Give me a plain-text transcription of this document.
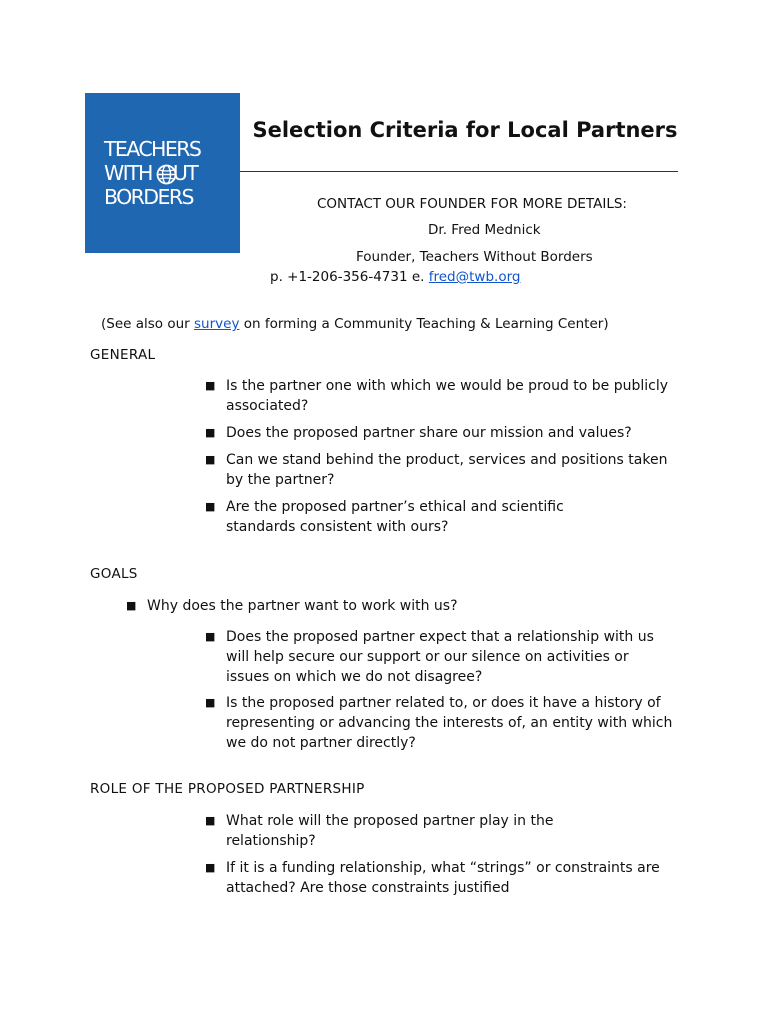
TEACHERS
WITH UT
BORDERS
Selection Criteria for Local Partners
CONTACT OUR FOUNDER FOR MORE DETAILS:
Dr. Fred Mednick
Founder, Teachers Without Borders
p. +1-206-356-4731 e. fred@twb.org
(See also our survey on forming a Community Teaching & Learning Center)
GENERAL
■ Is the partner one with which we would be proud to be publicly associated?
■ Does the proposed partner share our mission and values?
■ Can we stand behind the product, services and positions taken by the partner?
■ Are the proposed partner’s ethical and scientific standards consistent with ours?
GOALS
■ Why does the partner want to work with us?
■ Does the proposed partner expect that a relationship with us will help secure our support or our silence on activities or issues on which we do not disagree?
■ Is the proposed partner related to, or does it have a history of representing or advancing the interests of, an entity with which we do not partner directly?
ROLE OF THE PROPOSED PARTNERSHIP
■ What role will the proposed partner play in the relationship?
■ If it is a funding relationship, what “strings” or constraints are attached? Are those constraints justified
